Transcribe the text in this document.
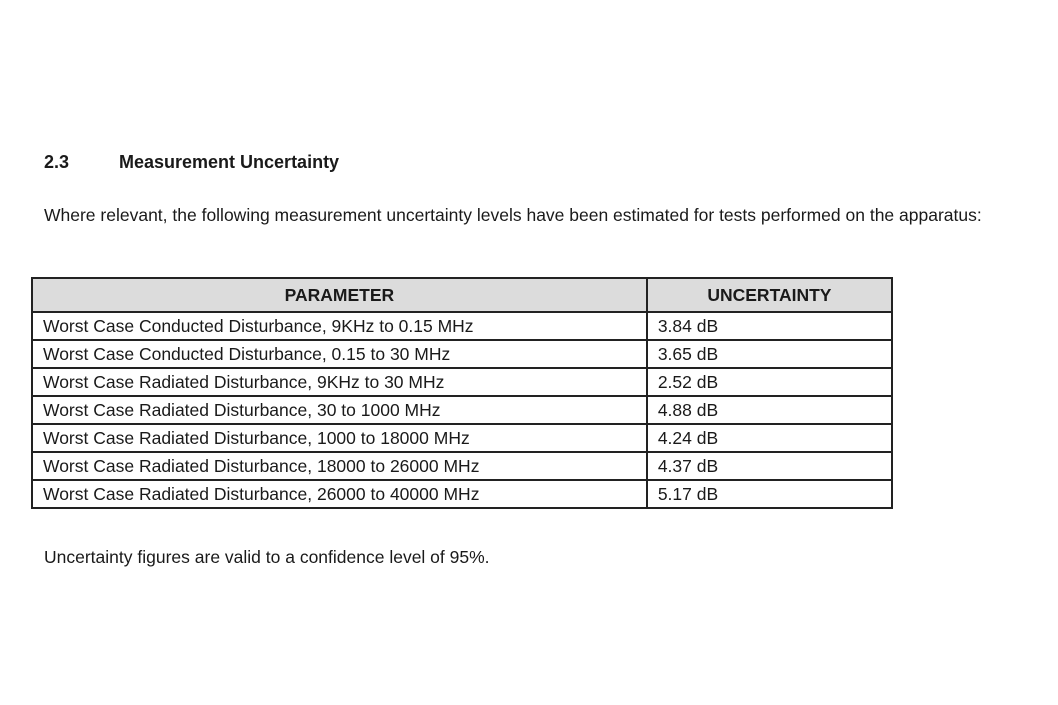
2.3	Measurement Uncertainty
Where relevant, the following measurement uncertainty levels have been estimated for tests performed on the apparatus:
PARAMETER	UNCERTAINTY
Worst Case Conducted Disturbance, 9KHz to 0.15 MHz	3.84 dB
Worst Case Conducted Disturbance, 0.15 to 30 MHz	3.65 dB
Worst Case Radiated Disturbance, 9KHz to 30 MHz	2.52 dB
Worst Case Radiated Disturbance, 30 to 1000 MHz	4.88 dB
Worst Case Radiated Disturbance, 1000 to 18000 MHz	4.24 dB
Worst Case Radiated Disturbance, 18000 to 26000 MHz	4.37 dB
Worst Case Radiated Disturbance, 26000 to 40000 MHz	5.17 dB
Uncertainty figures are valid to a confidence level of 95%.
